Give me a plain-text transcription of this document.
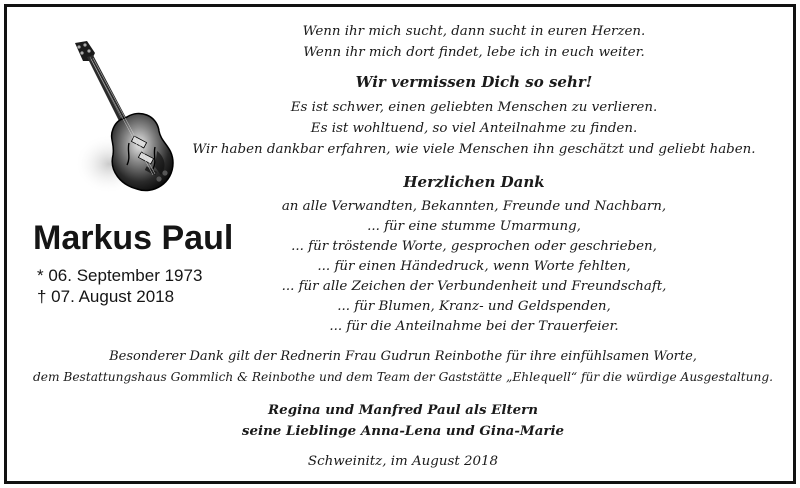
Markus Paul
* 06. September 1973
† 07. August 2018
Wenn ihr mich sucht, dann sucht in euren Herzen.
Wenn ihr mich dort findet, lebe ich in euch weiter.
Wir vermissen Dich so sehr!
Es ist schwer, einen geliebten Menschen zu verlieren.
Es ist wohltuend, so viel Anteilnahme zu finden.
Wir haben dankbar erfahren, wie viele Menschen ihn geschätzt und geliebt haben.
Herzlichen Dank
an alle Verwandten, Bekannten, Freunde und Nachbarn,
... für eine stumme Umarmung,
... für tröstende Worte, gesprochen oder geschrieben,
... für einen Händedruck, wenn Worte fehlten,
... für alle Zeichen der Verbundenheit und Freundschaft,
... für Blumen, Kranz- und Geldspenden,
... für die Anteilnahme bei der Trauerfeier.
Besonderer Dank gilt der Rednerin Frau Gudrun Reinbothe für ihre einfühlsamen Worte,
dem Bestattungshaus Gommlich & Reinbothe und dem Team der Gaststätte „Ehlequell“ für die würdige Ausgestaltung.
Regina und Manfred Paul als Eltern
seine Lieblinge Anna-Lena und Gina-Marie
Schweinitz, im August 2018
